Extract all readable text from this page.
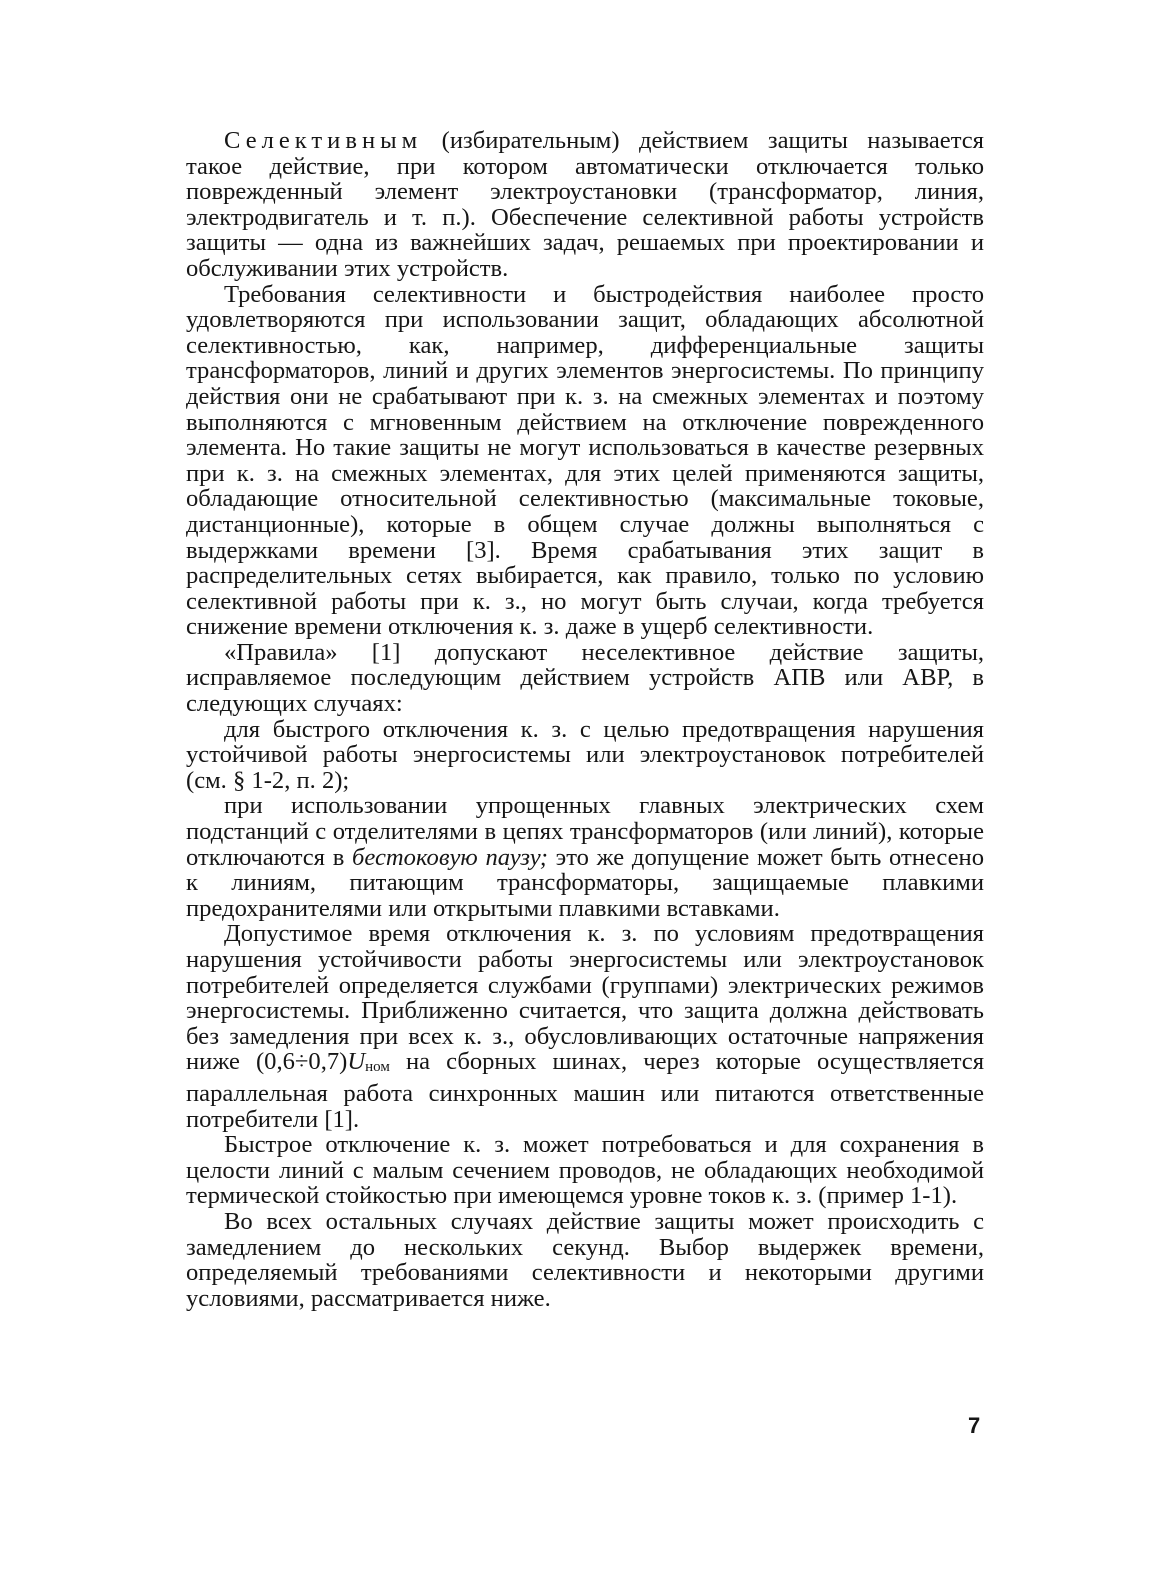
Селективным (избирательным) действием защиты называется такое действие, при котором автоматически отключается только поврежденный элемент электроустановки (трансформатор, линия, электродвигатель и т. п.). Обеспечение селективной работы устройств защиты — одна из важнейших задач, решаемых при проектировании и обслуживании этих устройств.

Требования селективности и быстродействия наиболее просто удовлетворяются при использовании защит, обладающих абсолютной селективностью, как, например, дифференциальные защиты трансформаторов, линий и других элементов энергосистемы. По принципу действия они не срабатывают при к. з. на смежных элементах и поэтому выполняются с мгновенным действием на отключение поврежденного элемента. Но такие защиты не могут использоваться в качестве резервных при к. з. на смежных элементах, для этих целей применяются защиты, обладающие относительной селективностью (максимальные токовые, дистанционные), которые в общем случае должны выполняться с выдержками времени [3]. Время срабатывания этих защит в распределительных сетях выбирается, как правило, только по условию селективной работы при к. з., но могут быть случаи, когда требуется снижение времени отключения к. з. даже в ущерб селективности.

«Правила» [1] допускают неселективное действие защиты, исправляемое последующим действием устройств АПВ или АВР, в следующих случаях:

для быстрого отключения к. з. с целью предотвращения нарушения устойчивой работы энергосистемы или электроустановок потребителей (см. § 1-2, п. 2);

при использовании упрощенных главных электрических схем подстанций с отделителями в цепях трансформаторов (или линий), которые отключаются в бестоковую паузу; это же допущение может быть отнесено к линиям, питающим трансформаторы, защищаемые плавкими предохранителями или открытыми плавкими вставками.

Допустимое время отключения к. з. по условиям предотвращения нарушения устойчивости работы энергосистемы или электроустановок потребителей определяется службами (группами) электрических режимов энергосистемы. Приближенно считается, что защита должна действовать без замедления при всех к. з., обусловливающих остаточные напряжения ниже $(0,6\div 0,7)U_{ном}$ на сборных шинах, через которые осуществляется параллельная работа синхронных машин или питаются ответственные потребители [1].

Быстрое отключение к. з. может потребоваться и для сохранения в целости линий с малым сечением проводов, не обладающих необходимой термической стойкостью при имеющемся уровне токов к. з. (пример 1-1).

Во всех остальных случаях действие защиты может происходить с замедлением до нескольких секунд. Выбор выдержек времени, определяемый требованиями селективности и некоторыми другими условиями, рассматривается ниже.

7
